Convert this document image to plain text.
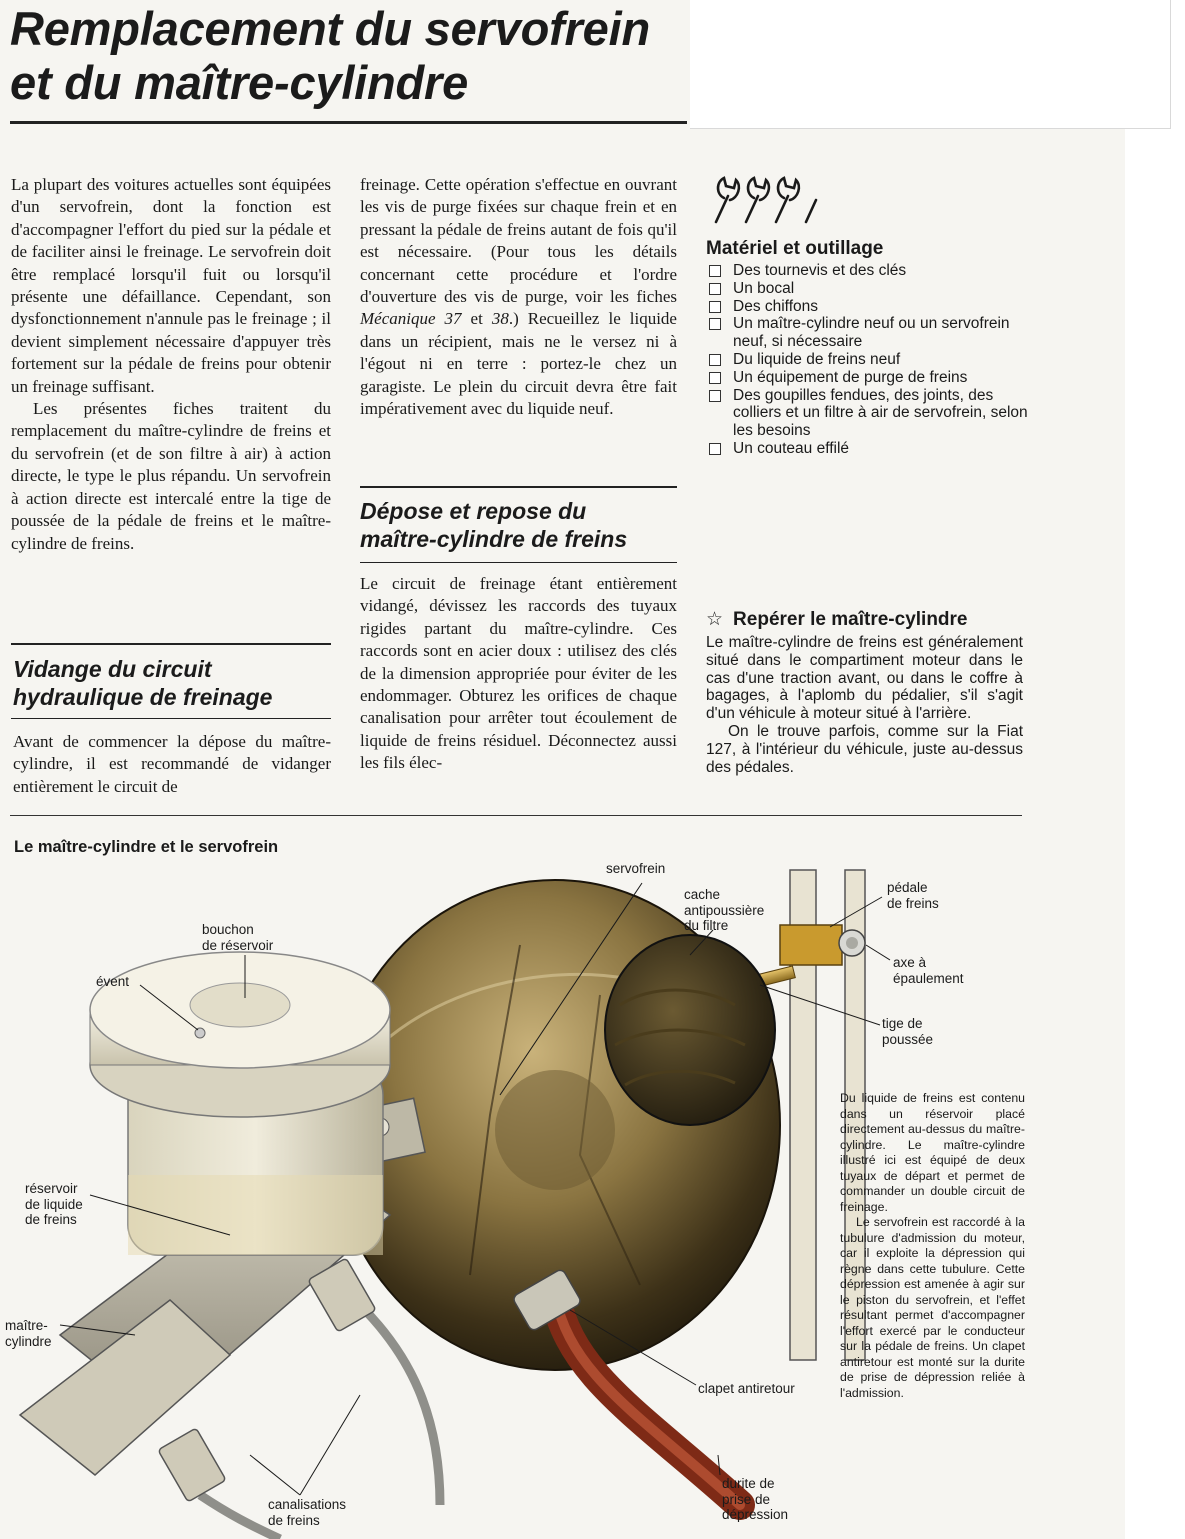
Remplacement du servofrein
et du maître-cylindre

La plupart des voitures actuelles sont équipées d'un servofrein, dont la fonction est d'accompagner l'effort du pied sur la pédale et de faciliter ainsi le freinage. Le servofrein doit être remplacé lorsqu'il fuit ou lorsqu'il présente une défaillance. Cependant, son dysfonctionnement n'annule pas le freinage ; il devient simplement nécessaire d'appuyer très fortement sur la pédale de freins pour obtenir un freinage suffisant.

Les présentes fiches traitent du remplacement du maître-cylindre de freins et du servofrein (et de son filtre à air) à action directe, le type le plus répandu. Un servofrein à action directe est intercalé entre la tige de poussée de la pédale de freins et le maître-cylindre de freins.

Vidange du circuit
hydraulique de freinage

Avant de commencer la dépose du maître-cylindre, il est recommandé de vidanger entièrement le circuit de

freinage. Cette opération s'effectue en ouvrant les vis de purge fixées sur chaque frein et en pressant la pédale de freins autant de fois qu'il est nécessaire. (Pour tous les détails concernant cette procédure et l'ordre d'ouverture des vis de purge, voir les fiches Mécanique 37 et 38.) Recueillez le liquide dans un récipient, mais ne le versez ni à l'égout ni en terre : portez-le chez un garagiste. Le plein du circuit devra être fait impérativement avec du liquide neuf.

Dépose et repose du
maître-cylindre de freins

Le circuit de freinage étant entièrement vidangé, dévissez les raccords des tuyaux rigides partant du maître-cylindre. Ces raccords sont en acier doux : utilisez des clés de la dimension appropriée pour éviter de les endommager. Obturez les orifices de chaque canalisation pour arrêter tout écoulement de liquide de freins résiduel. Déconnectez aussi les fils élec-

Matériel et outillage
Des tournevis et des clés
Un bocal
Des chiffons
Un maître-cylindre neuf ou un servofrein neuf, si nécessaire
Du liquide de freins neuf
Un équipement de purge de freins
Des goupilles fendues, des joints, des colliers et un filtre à air de servofrein, selon les besoins
Un couteau effilé
☆ Repérer le maître-cylindre

Le maître-cylindre de freins est généralement situé dans le compartiment moteur dans le cas d'une traction avant, ou dans le coffre à bagages, à l'aplomb du pédalier, s'il s'agit d'un véhicule à moteur situé à l'arrière.

On le trouve parfois, comme sur la Fiat 127, à l'intérieur du véhicule, juste au-dessus des pédales.

Le maître-cylindre et le servofrein
servofrein
cache
antipoussière
du filtre
pédale
de freins
bouchon
de réservoir
évent
axe à
épaulement
tige de
poussée
réservoir
de liquide
de freins
maître-
cylindre
clapet antiretour
canalisations
de freins
durite de
prise de
dépression

Du liquide de freins est contenu dans un réservoir placé directement au-dessus du maître-cylindre. Le maître-cylindre illustré ici est équipé de deux tuyaux de départ et permet de commander un double circuit de freinage.

Le servofrein est raccordé à la tubulure d'admission du moteur, car il exploite la dépression qui règne dans cette tubulure. Cette dépression est amenée à agir sur le piston du servofrein, et l'effet résultant permet d'accompagner l'effort exercé par le conducteur sur la pédale de freins. Un clapet antiretour est monté sur la durite de prise de dépression reliée à l'admission.
